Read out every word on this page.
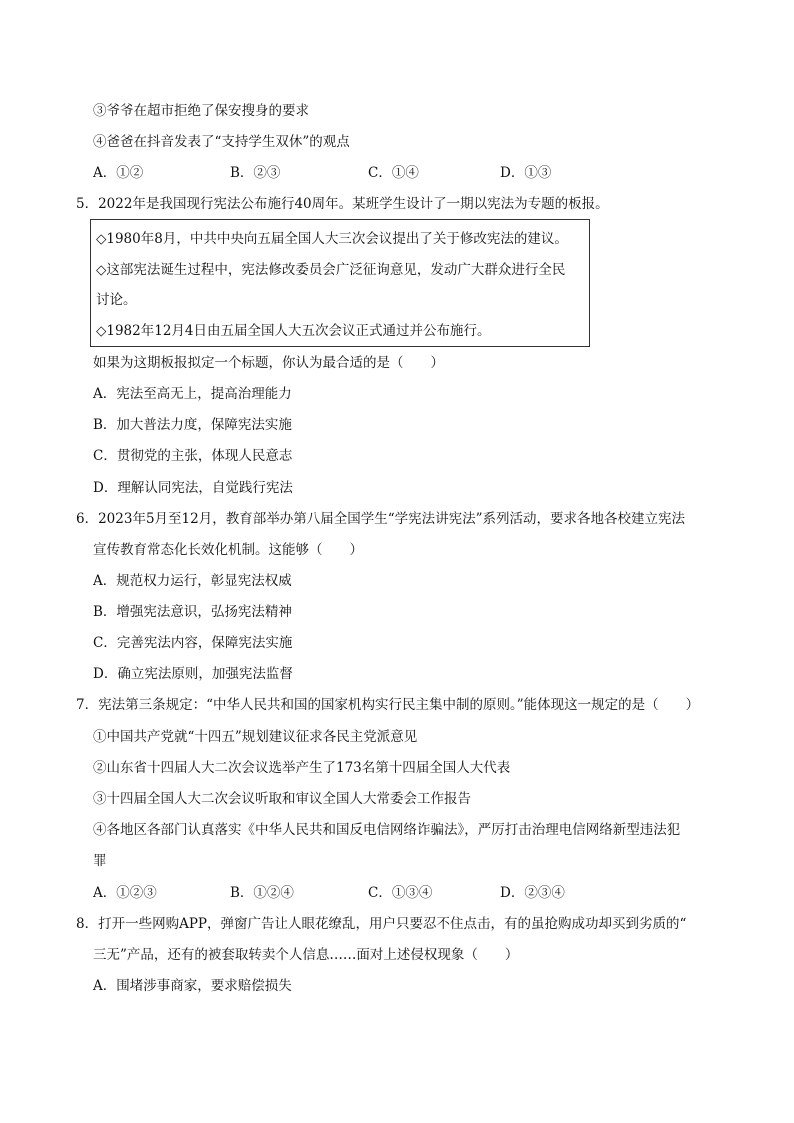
③爷爷在超市拒绝了保安搜身的要求
④爸爸在抖音发表了“支持学生双休”的观点
A．①②	B．②③	C．①④	D．①③
5．2022年是我国现行宪法公布施行40周年。某班学生设计了一期以宪法为专题的板报。
◇1980年8月，中共中央向五届全国人大三次会议提出了关于修改宪法的建议。
◇这部宪法诞生过程中，宪法修改委员会广泛征询意见，发动广大群众进行全民
讨论。
◇1982年12月4日由五届全国人大五次会议正式通过并公布施行。
如果为这期板报拟定一个标题，你认为最合适的是（　　）
A．宪法至高无上，提高治理能力
B．加大普法力度，保障宪法实施
C．贯彻党的主张，体现人民意志
D．理解认同宪法，自觉践行宪法
6．2023年5月至12月，教育部举办第八届全国学生“学宪法讲宪法”系列活动，要求各地各校建立宪法
宣传教育常态化长效化机制。这能够（　　）
A．规范权力运行，彰显宪法权威
B．增强宪法意识，弘扬宪法精神
C．完善宪法内容，保障宪法实施
D．确立宪法原则，加强宪法监督
7．宪法第三条规定：“中华人民共和国的国家机构实行民主集中制的原则。”能体现这一规定的是（　　）
①中国共产党就“十四五”规划建议征求各民主党派意见
②山东省十四届人大二次会议选举产生了173名第十四届全国人大代表
③十四届全国人大二次会议听取和审议全国人大常委会工作报告
④各地区各部门认真落实《中华人民共和国反电信网络诈骗法》，严厉打击治理电信网络新型违法犯
罪
A．①②③	B．①②④	C．①③④	D．②③④
8．打开一些网购APP，弹窗广告让人眼花缭乱，用户只要忍不住点击，有的虽抢购成功却买到劣质的“
三无”产品，还有的被套取转卖个人信息……面对上述侵权现象（　　）
A．围堵涉事商家，要求赔偿损失
